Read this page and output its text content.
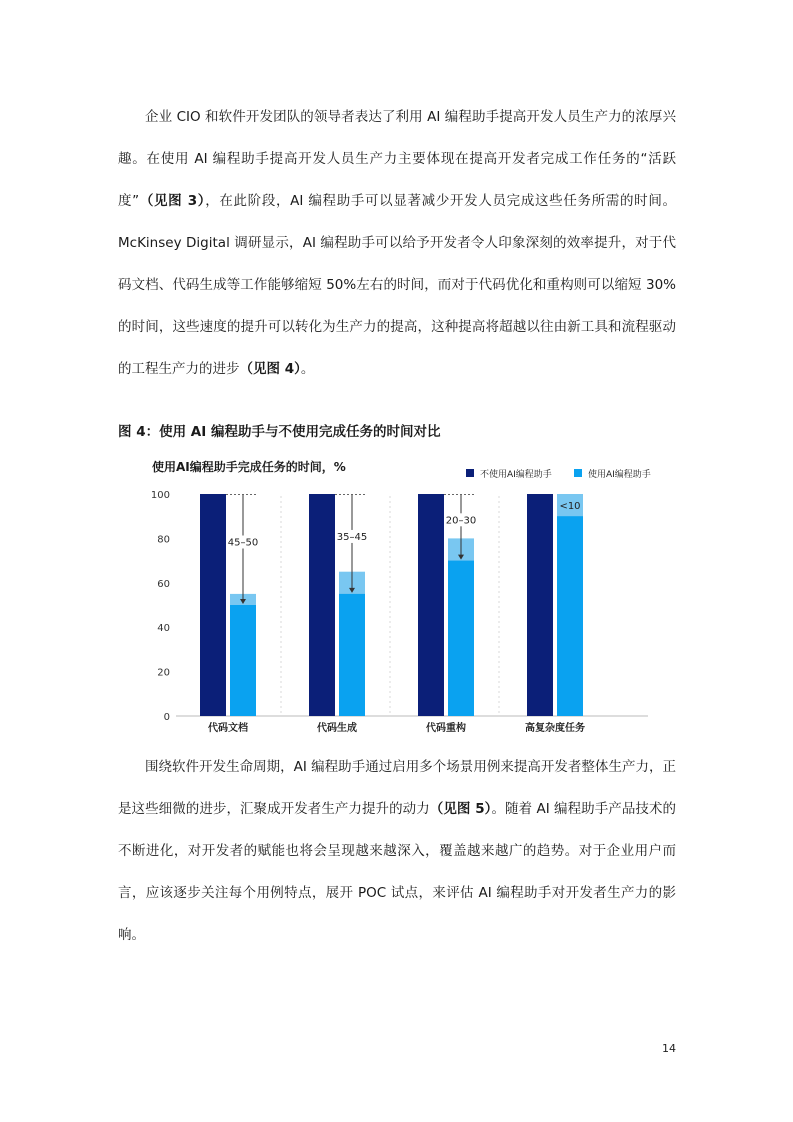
企业 CIO 和软件开发团队的领导者表达了利用 AI 编程助手提高开发人员生产力的浓厚兴趣。在使用 AI 编程助手提高开发人员生产力主要体现在提高开发者完成工作任务的“活跃度”（见图 3），在此阶段，AI 编程助手可以显著减少开发人员完成这些任务所需的时间。McKinsey Digital 调研显示，AI 编程助手可以给予开发者令人印象深刻的效率提升，对于代码文档、代码生成等工作能够缩短 50%左右的时间，而对于代码优化和重构则可以缩短 30%的时间，这些速度的提升可以转化为生产力的提高，这种提高将超越以往由新工具和流程驱动的工程生产力的进步（见图 4）。

图 4：使用 AI 编程助手与不使用完成任务的时间对比

使用AI编程助手完成任务的时间，%
不使用AI编程助手	使用AI编程助手
0
20
40
60
80
100
45–50
35–45
20–30
<10
代码文档	代码生成	代码重构	高复杂度任务

围绕软件开发生命周期，AI 编程助手通过启用多个场景用例来提高开发者整体生产力，正是这些细微的进步，汇聚成开发者生产力提升的动力（见图 5）。随着 AI 编程助手产品技术的不断进化，对开发者的赋能也将会呈现越来越深入，覆盖越来越广的趋势。对于企业用户而言，应该逐步关注每个用例特点，展开 POC 试点，来评估 AI 编程助手对开发者生产力的影响。

14
